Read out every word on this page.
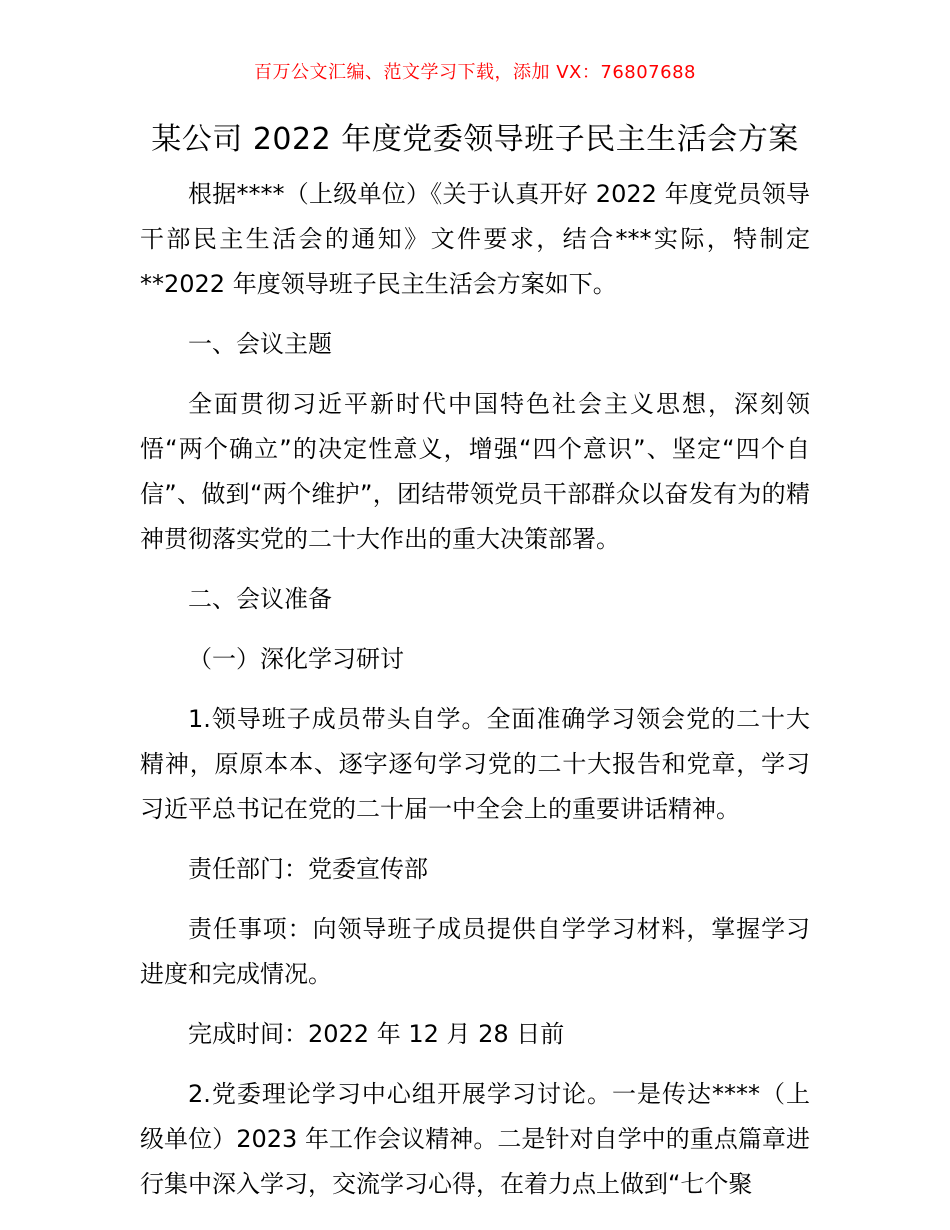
百万公文汇编、范文学习下载，添加 VX：76807688
某公司 2022 年度党委领导班子民主生活会方案

根据****（上级单位）《关于认真开好 2022 年度党员领导干部民主生活会的通知》文件要求，结合***实际，特制定**2022 年度领导班子民主生活会方案如下。

一、会议主题

全面贯彻习近平新时代中国特色社会主义思想，深刻领悟“两个确立”的决定性意义，增强“四个意识”、坚定“四个自信”、做到“两个维护”，团结带领党员干部群众以奋发有为的精神贯彻落实党的二十大作出的重大决策部署。

二、会议准备

（一）深化学习研讨

1.领导班子成员带头自学。全面准确学习领会党的二十大精神，原原本本、逐字逐句学习党的二十大报告和党章，学习习近平总书记在党的二十届一中全会上的重要讲话精神。

责任部门：党委宣传部

责任事项：向领导班子成员提供自学学习材料，掌握学习进度和完成情况。

完成时间：2022 年 12 月 28 日前

2.党委理论学习中心组开展学习讨论。一是传达****（上级单位）2023 年工作会议精神。二是针对自学中的重点篇章进行集中深入学习，交流学习心得，在着力点上做到“七个聚
